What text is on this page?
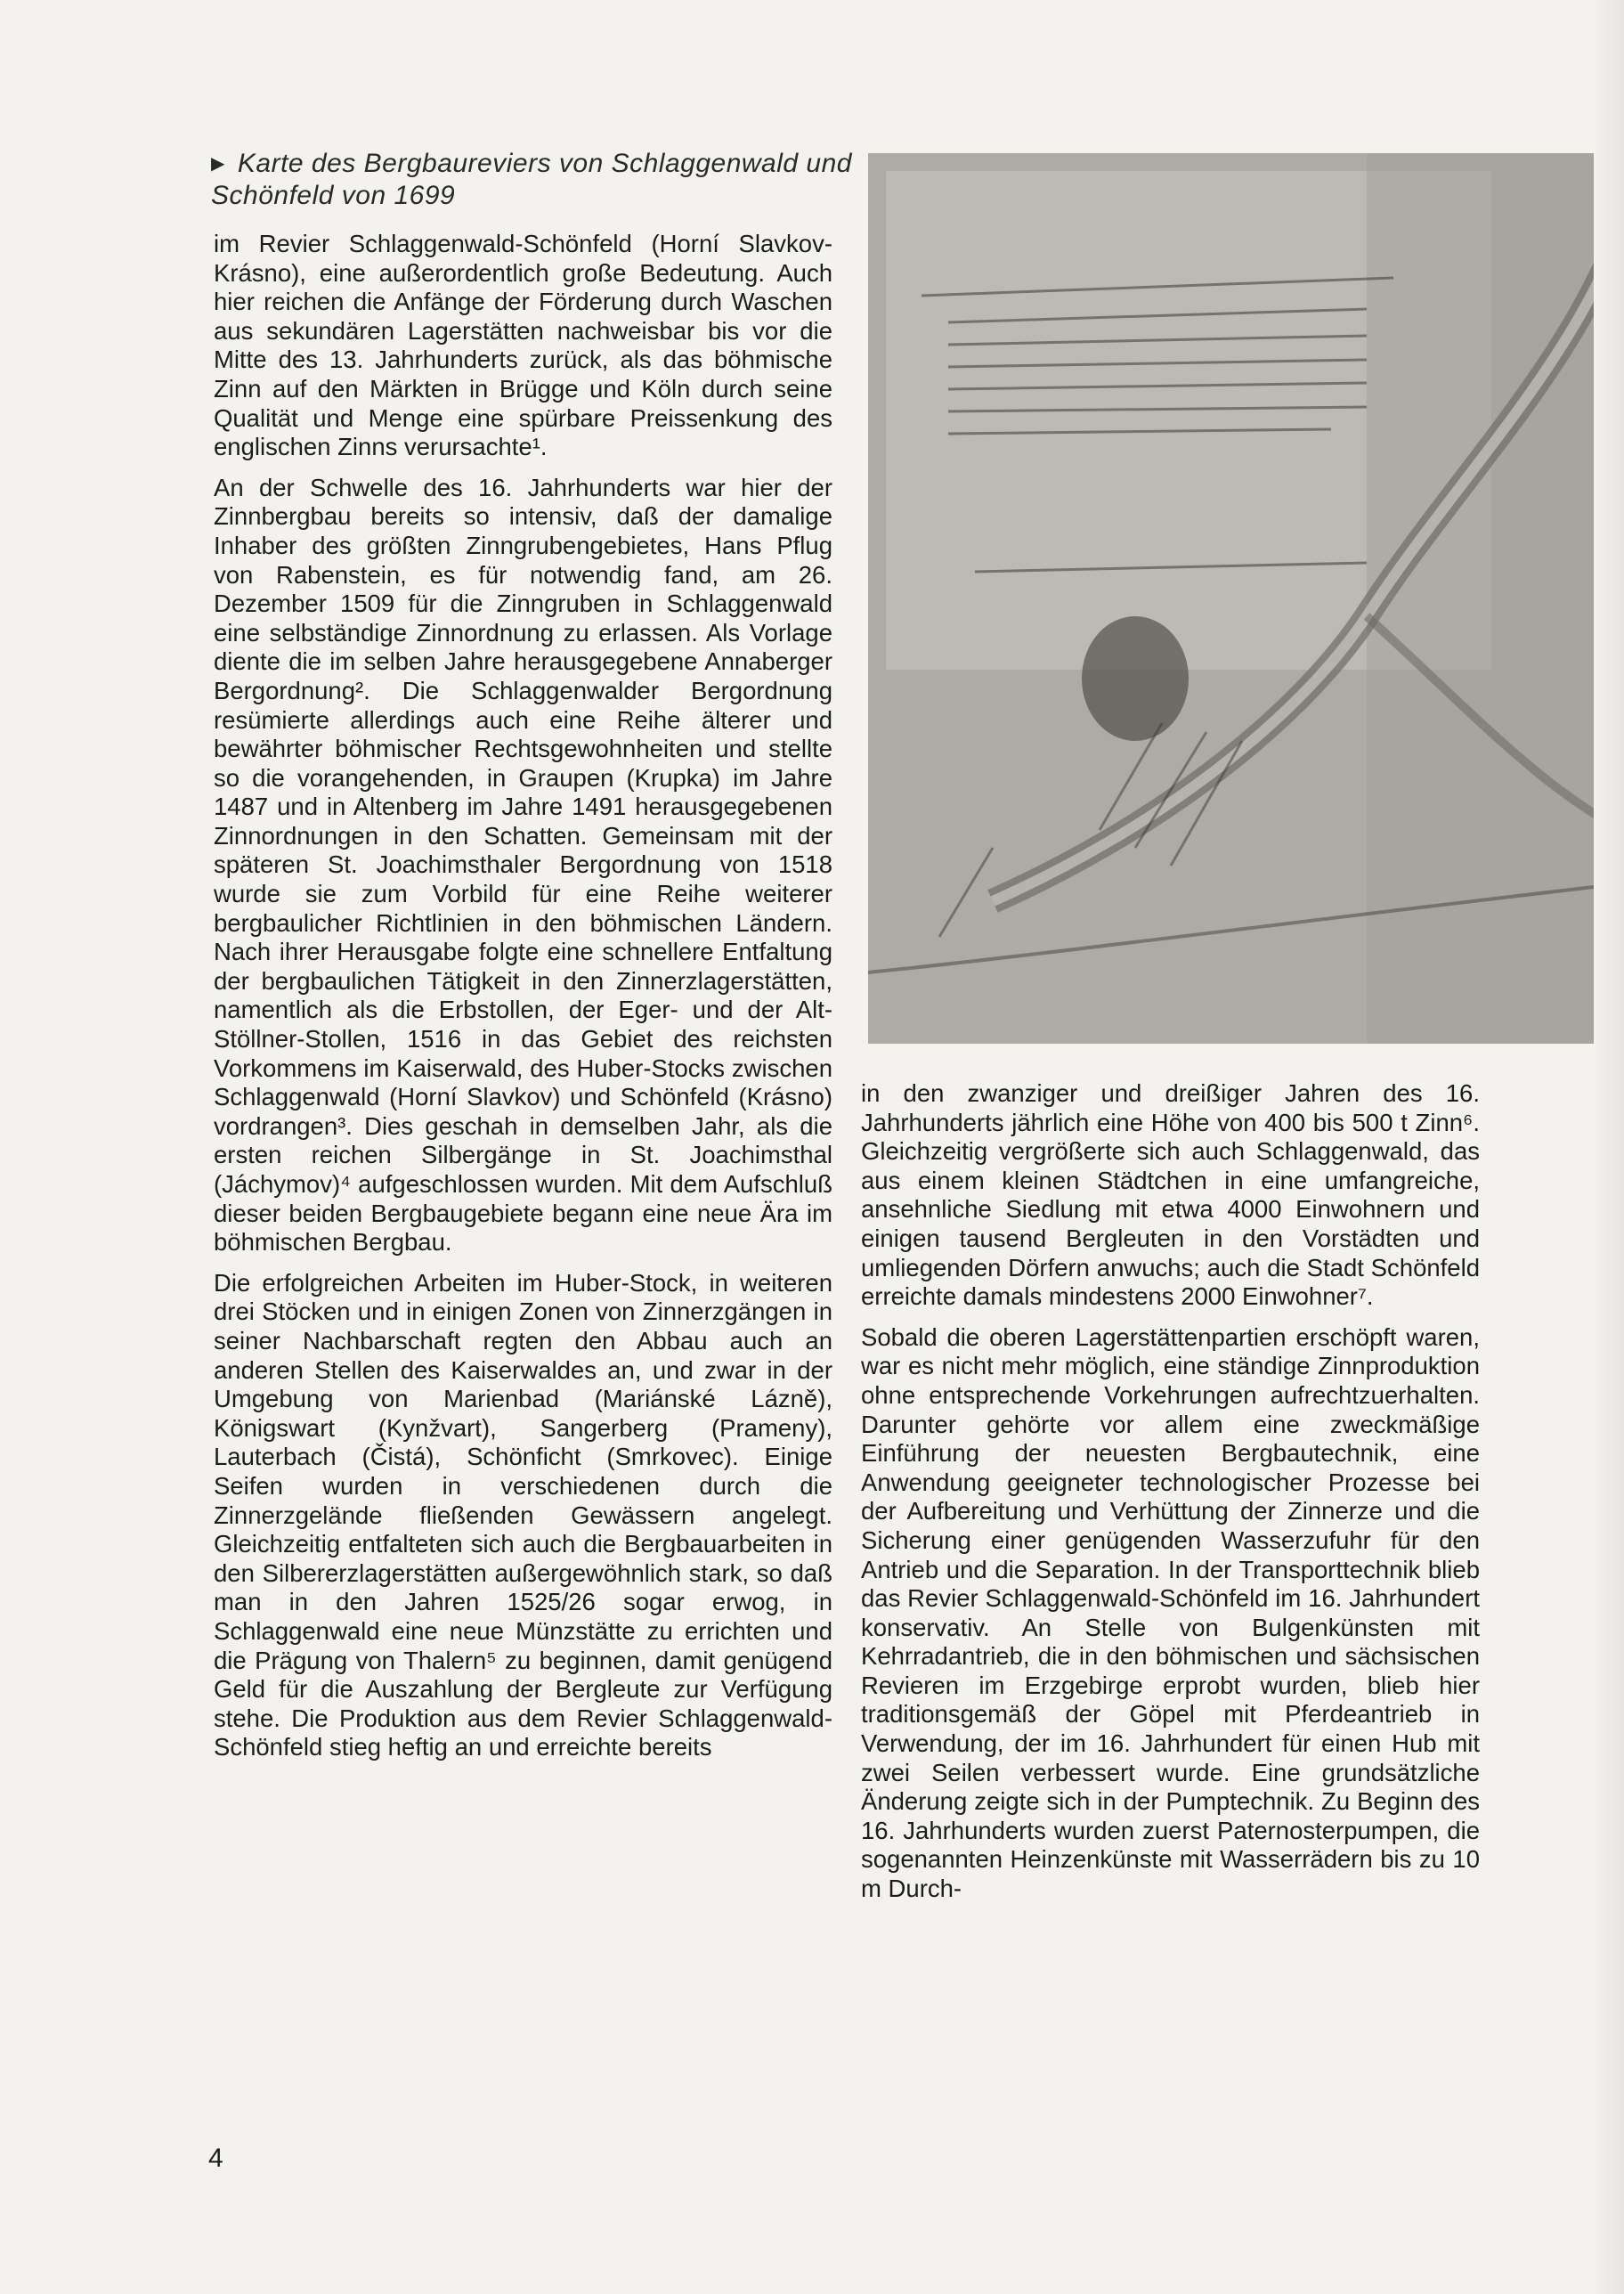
▶ Karte des Bergbaureviers von Schlaggenwald und Schönfeld von 1699

im Revier Schlaggenwald-Schönfeld (Horní Slavkov-Krásno), eine außerordentlich große Bedeutung. Auch hier reichen die Anfänge der Förderung durch Waschen aus sekundären Lagerstätten nachweisbar bis vor die Mitte des 13. Jahrhunderts zurück, als das böhmische Zinn auf den Märkten in Brügge und Köln durch seine Qualität und Menge eine spürbare Preissenkung des englischen Zinns verursachte¹.

An der Schwelle des 16. Jahrhunderts war hier der Zinnbergbau bereits so intensiv, daß der damalige Inhaber des größten Zinngrubengebietes, Hans Pflug von Rabenstein, es für notwendig fand, am 26. Dezember 1509 für die Zinngruben in Schlaggenwald eine selbständige Zinnordnung zu erlassen. Als Vorlage diente die im selben Jahre herausgegebene Annaberger Bergordnung². Die Schlaggenwalder Bergordnung resümierte allerdings auch eine Reihe älterer und bewährter böhmischer Rechtsgewohnheiten und stellte so die vorangehenden, in Graupen (Krupka) im Jahre 1487 und in Altenberg im Jahre 1491 herausgegebenen Zinnordnungen in den Schatten. Gemeinsam mit der späteren St. Joachimsthaler Bergordnung von 1518 wurde sie zum Vorbild für eine Reihe weiterer bergbaulicher Richtlinien in den böhmischen Ländern. Nach ihrer Herausgabe folgte eine schnellere Entfaltung der bergbaulichen Tätigkeit in den Zinnerzlagerstätten, namentlich als die Erbstollen, der Eger- und der Alt-Stöllner-Stollen, 1516 in das Gebiet des reichsten Vorkommens im Kaiserwald, des Huber-Stocks zwischen Schlaggenwald (Horní Slavkov) und Schönfeld (Krásno) vordrangen³. Dies geschah in demselben Jahr, als die ersten reichen Silbergänge in St. Joachimsthal (Jáchymov)⁴ aufgeschlossen wurden. Mit dem Aufschluß dieser beiden Bergbaugebiete begann eine neue Ära im böhmischen Bergbau.

Die erfolgreichen Arbeiten im Huber-Stock, in weiteren drei Stöcken und in einigen Zonen von Zinnerzgängen in seiner Nachbarschaft regten den Abbau auch an anderen Stellen des Kaiserwaldes an, und zwar in der Umgebung von Marienbad (Mariánské Lázně), Königswart (Kynžvart), Sangerberg (Prameny), Lauterbach (Čistá), Schönficht (Smrkovec). Einige Seifen wurden in verschiedenen durch die Zinnerzgelände fließenden Gewässern angelegt. Gleichzeitig entfalteten sich auch die Bergbauarbeiten in den Silbererzlagerstätten außergewöhnlich stark, so daß man in den Jahren 1525/26 sogar erwog, in Schlaggenwald eine neue Münzstätte zu errichten und die Prägung von Thalern⁵ zu beginnen, damit genügend Geld für die Auszahlung der Bergleute zur Verfügung stehe. Die Produktion aus dem Revier Schlaggenwald-Schönfeld stieg heftig an und erreichte bereits

in den zwanziger und dreißiger Jahren des 16. Jahrhunderts jährlich eine Höhe von 400 bis 500 t Zinn⁶. Gleichzeitig vergrößerte sich auch Schlaggenwald, das aus einem kleinen Städtchen in eine umfangreiche, ansehnliche Siedlung mit etwa 4000 Einwohnern und einigen tausend Bergleuten in den Vorstädten und umliegenden Dörfern anwuchs; auch die Stadt Schönfeld erreichte damals mindestens 2000 Einwohner⁷.

Sobald die oberen Lagerstättenpartien erschöpft waren, war es nicht mehr möglich, eine ständige Zinnproduktion ohne entsprechende Vorkehrungen aufrechtzuerhalten. Darunter gehörte vor allem eine zweckmäßige Einführung der neuesten Bergbautechnik, eine Anwendung geeigneter technologischer Prozesse bei der Aufbereitung und Verhüttung der Zinnerze und die Sicherung einer genügenden Wasserzufuhr für den Antrieb und die Separation. In der Transporttechnik blieb das Revier Schlaggenwald-Schönfeld im 16. Jahrhundert konservativ. An Stelle von Bulgenkünsten mit Kehrradantrieb, die in den böhmischen und sächsischen Revieren im Erzgebirge erprobt wurden, blieb hier traditionsgemäß der Göpel mit Pferdeantrieb in Verwendung, der im 16. Jahrhundert für einen Hub mit zwei Seilen verbessert wurde. Eine grundsätzliche Änderung zeigte sich in der Pumptechnik. Zu Beginn des 16. Jahrhunderts wurden zuerst Paternosterpumpen, die sogenannten Heinzenkünste mit Wasserrädern bis zu 10 m Durch-

4
